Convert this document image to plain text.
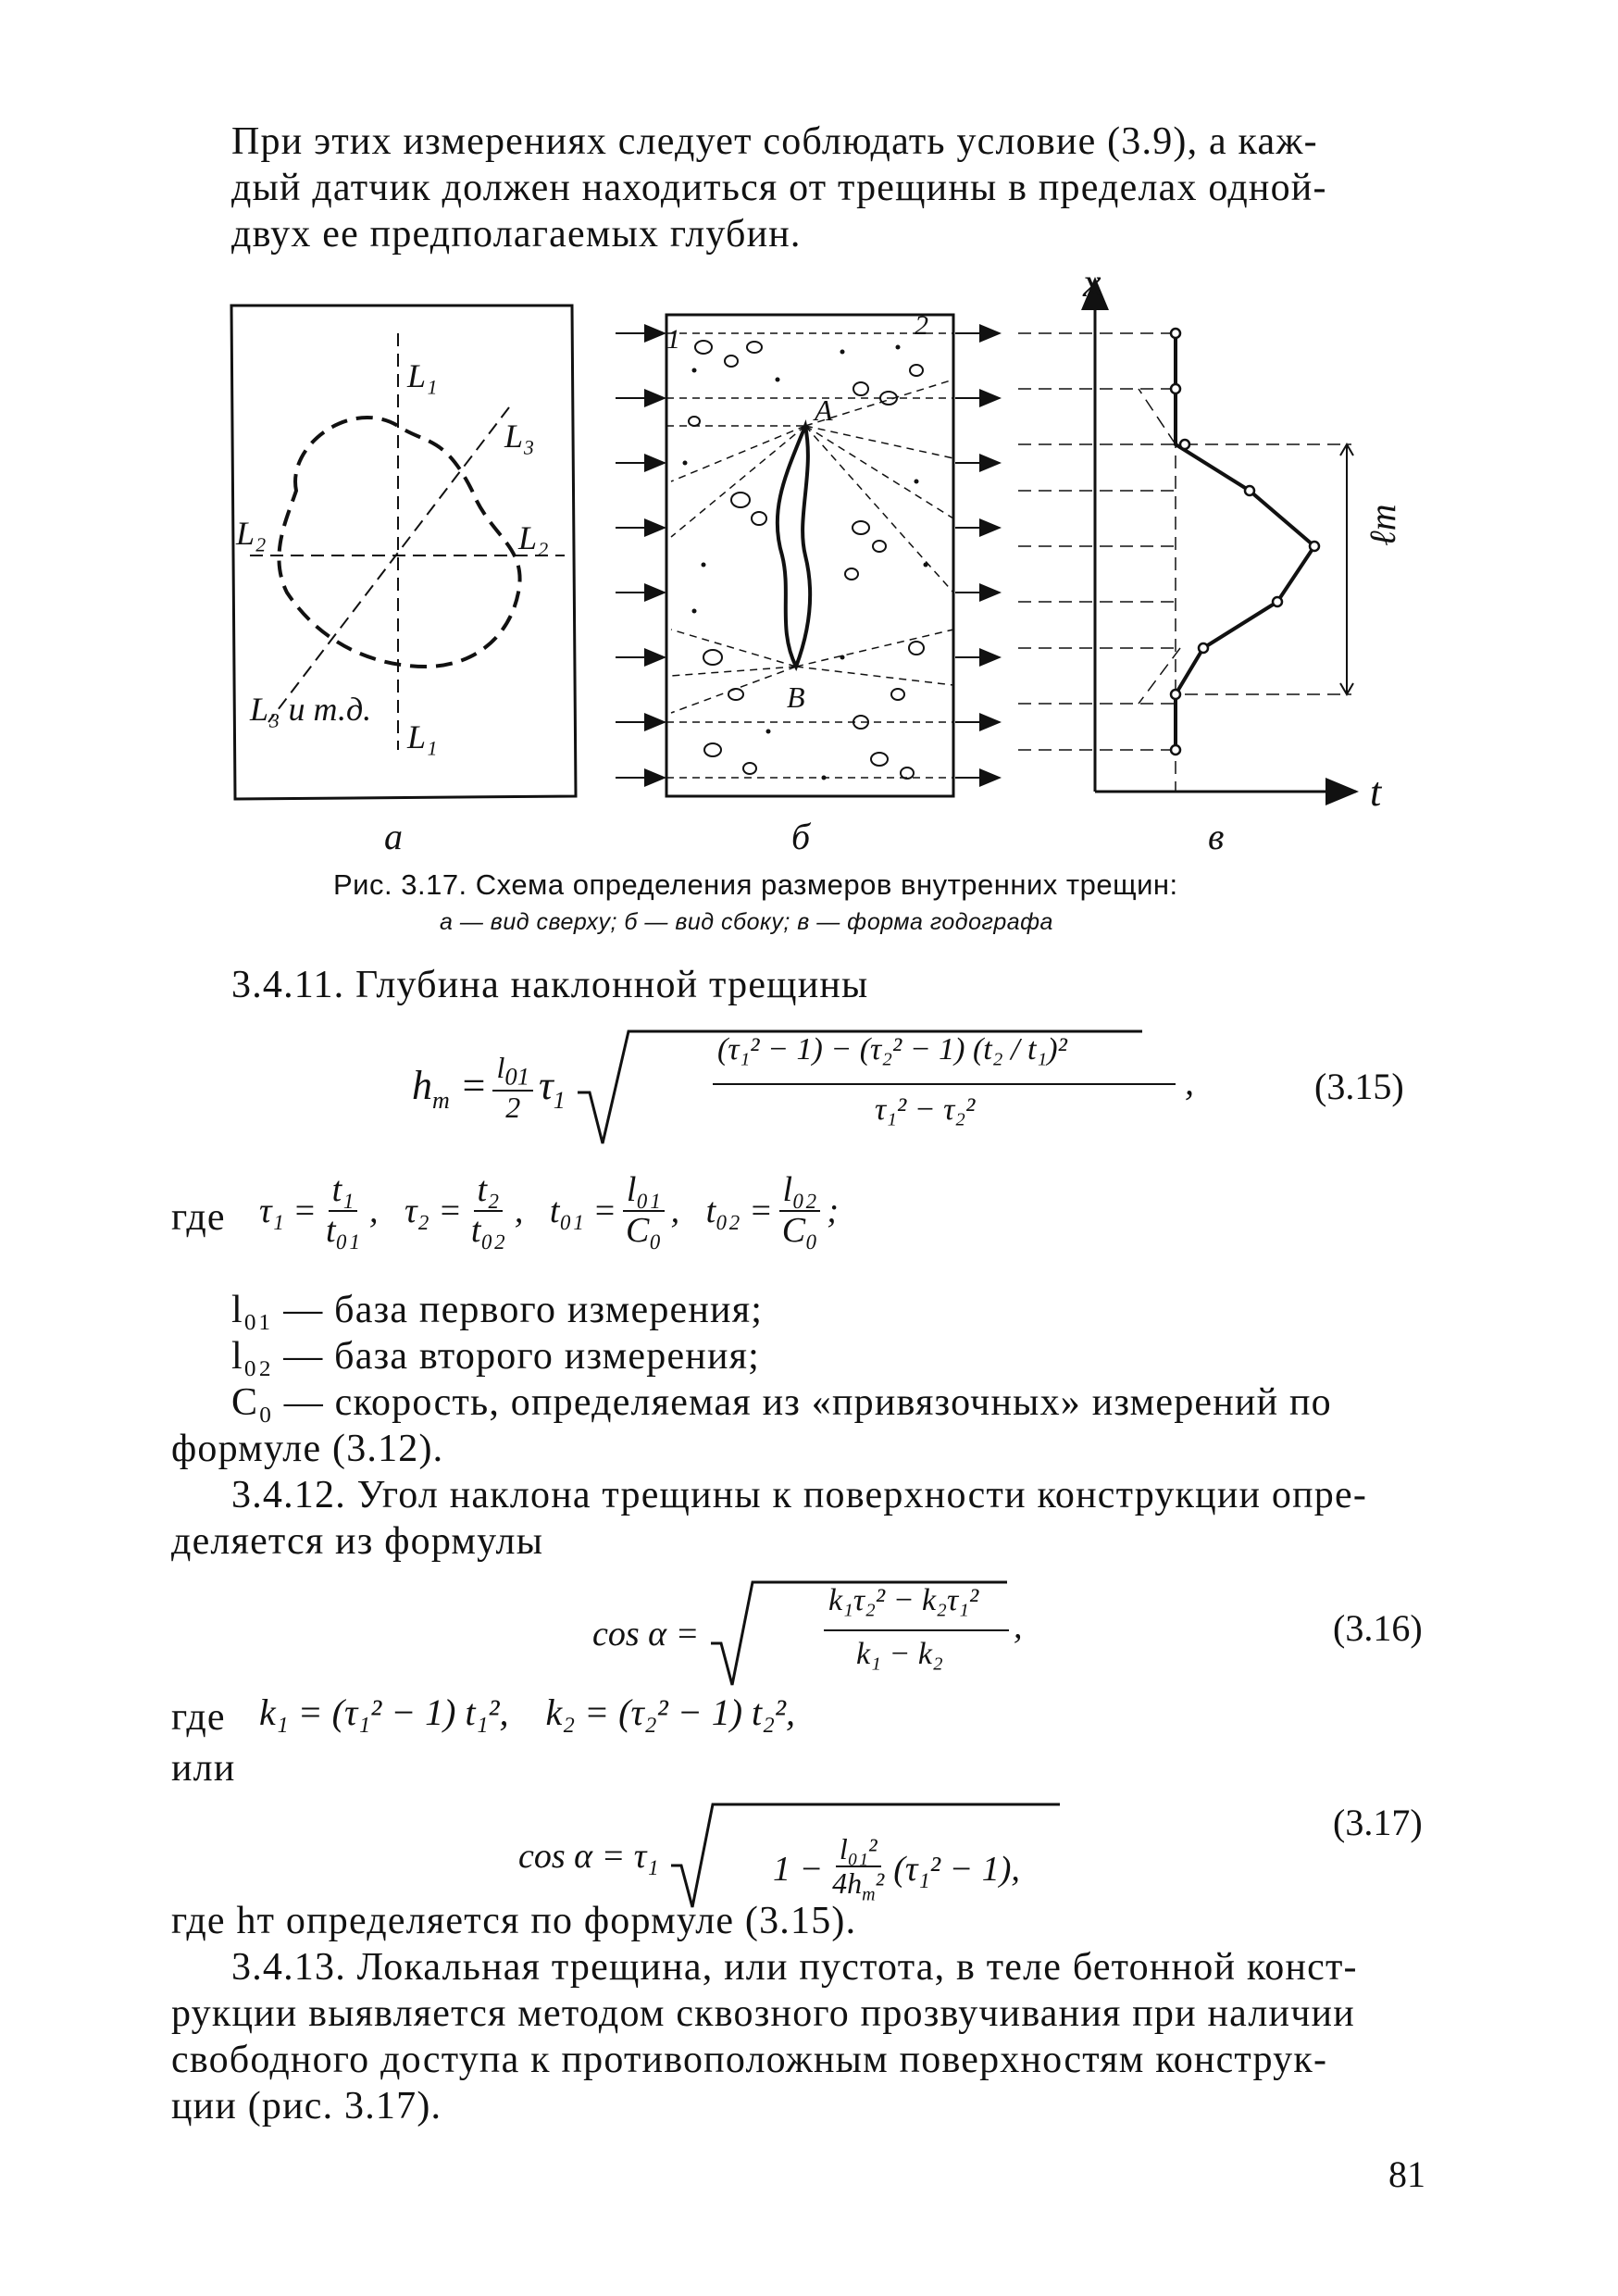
При этих измерениях следует соблюдать условие (3.9), а каж-
дый датчик должен находиться от трещины в пределах одной-
двух ее предполагаемых глубин.
L₁
L₃
L₂	L₂
L₃ и т.д.
L₁
А
В
1	2
x
t
ℓт
а	б	в
Рис. 3.17. Схема определения размеров внутренних трещин:
а — вид сверху; б — вид сбоку; в — форма годографа
3.4.11. Глубина наклонной трещины
$h_т = \frac{l_{01}}{2} \tau_1$
(τ₁² − 1) − (τ₂² − 1) (t₂ / t₁)²
τ₁² − τ₂²
,	(3.15)
где $\tau_1 = \frac{\text{t₁}}{\text{t₀₁}}$ , $\tau_2 = \frac{\text{t₂}}{\text{t₀₂}}$ , $t_{01} = \frac{\text{l₀₁}}{\text{C₀}}$ , $t_{02} = \frac{\text{l₀₂}}{\text{C₀}}$ ;
l₀₁ — база первого измерения;
l₀₂ — база второго измерения;
C₀ — скорость, определяемая из «привязочных» измерений по
формуле (3.12).
3.4.12. Угол наклона трещины к поверхности конструкции опре-
деляется из формулы
cos α =
k₁τ₂² − k₂τ₁²
k₁ − k₂
,	(3.16)
где k₁ = (τ₁² − 1) t₁²,    k₂ = (τ₂² − 1) t₂²,
или
cos α = τ₁	$1 - \frac{\text{l₀₁²}}{4h_т^2} (\tau_1^2 - 1)$,
(3.17)
где hт определяется по формуле (3.15).
3.4.13. Локальная трещина, или пустота, в теле бетонной конст-
рукции выявляется методом сквозного прозвучивания при наличии
свободного доступа к противоположным поверхностям конструк-
ции (рис. 3.17).
81
